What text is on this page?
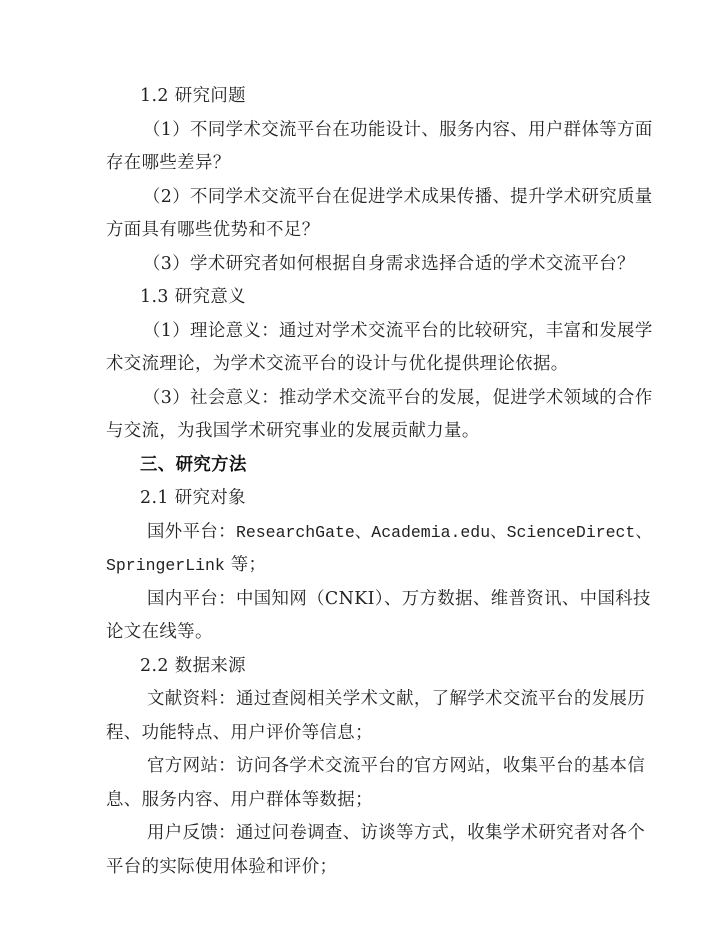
1.2 研究问题
（1）不同学术交流平台在功能设计、服务内容、用户群体等方面
存在哪些差异？
（2）不同学术交流平台在促进学术成果传播、提升学术研究质量
方面具有哪些优势和不足？
（3）学术研究者如何根据自身需求选择合适的学术交流平台？
1.3 研究意义
（1）理论意义：通过对学术交流平台的比较研究，丰富和发展学
术交流理论，为学术交流平台的设计与优化提供理论依据。
（3）社会意义：推动学术交流平台的发展，促进学术领域的合作
与交流，为我国学术研究事业的发展贡献力量。
三、研究方法
2.1 研究对象
国外平台：ResearchGate、Academia.edu、ScienceDirect、
SpringerLink 等；
国内平台：中国知网（CNKI）、万方数据、维普资讯、中国科技
论文在线等。
2.2 数据来源
文献资料：通过查阅相关学术文献，了解学术交流平台的发展历
程、功能特点、用户评价等信息；
官方网站：访问各学术交流平台的官方网站，收集平台的基本信
息、服务内容、用户群体等数据；
用户反馈：通过问卷调查、访谈等方式，收集学术研究者对各个
平台的实际使用体验和评价；
